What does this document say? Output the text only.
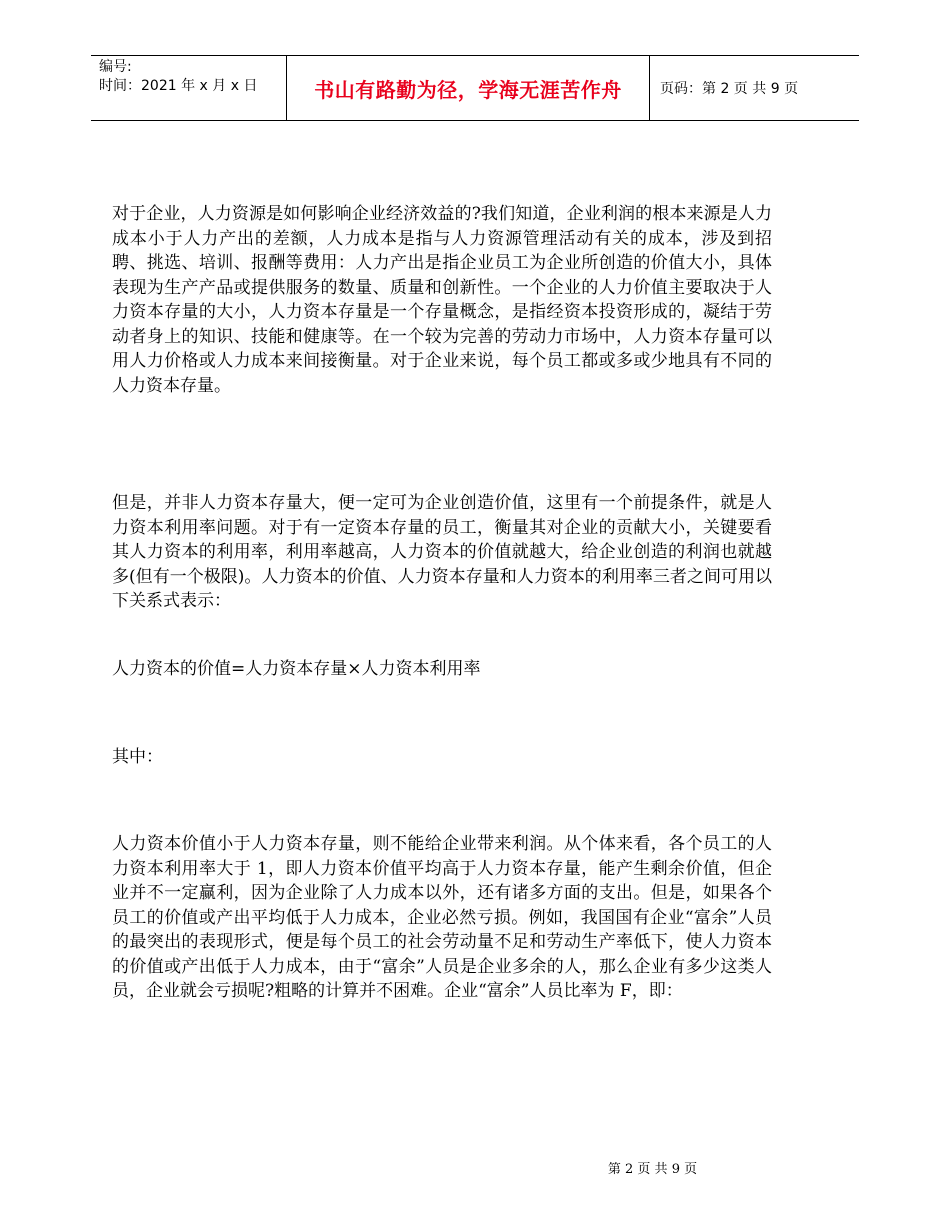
编号:
时间：2021 年 x 月 x 日	书山有路勤为径，学海无涯苦作舟	页码：第 2 页 共 9 页

对于企业，人力资源是如何影响企业经济效益的?我们知道，企业利润的根本来源是人力成本小于人力产出的差额，人力成本是指与人力资源管理活动有关的成本，涉及到招聘、挑选、培训、报酬等费用：人力产出是指企业员工为企业所创造的价值大小，具体表现为生产产品或提供服务的数量、质量和创新性。一个企业的人力价值主要取决于人力资本存量的大小，人力资本存量是一个存量概念，是指经资本投资形成的，凝结于劳动者身上的知识、技能和健康等。在一个较为完善的劳动力市场中，人力资本存量可以用人力价格或人力成本来间接衡量。对于企业来说，每个员工都或多或少地具有不同的人力资本存量。

但是，并非人力资本存量大，便一定可为企业创造价值，这里有一个前提条件，就是人力资本利用率问题。对于有一定资本存量的员工，衡量其对企业的贡献大小，关键要看其人力资本的利用率，利用率越高，人力资本的价值就越大，给企业创造的利润也就越多(但有一个极限)。人力资本的价值、人力资本存量和人力资本的利用率三者之间可用以下关系式表示：

人力资本的价值=人力资本存量×人力资本利用率

其中：

人力资本价值小于人力资本存量，则不能给企业带来利润。从个体来看，各个员工的人力资本利用率大于 1，即人力资本价值平均高于人力资本存量，能产生剩余价值，但企业并不一定赢利，因为企业除了人力成本以外，还有诸多方面的支出。但是，如果各个员工的价值或产出平均低于人力成本，企业必然亏损。例如，我国国有企业“富余”人员的最突出的表现形式，便是每个员工的社会劳动量不足和劳动生产率低下，使人力资本的价值或产出低于人力成本，由于“富余”人员是企业多余的人，那么企业有多少这类人员，企业就会亏损呢?粗略的计算并不困难。企业“富余”人员比率为 F，即：

第 2 页 共 9 页
